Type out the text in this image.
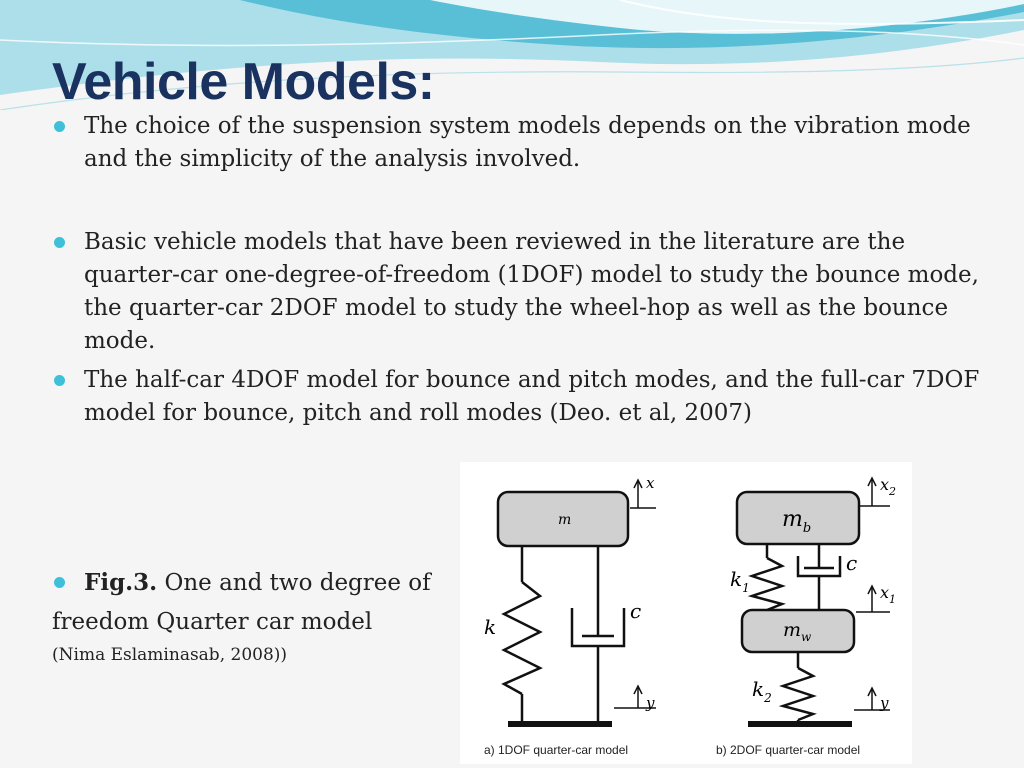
Vehicle Models:
The choice of the suspension system models depends on the vibration mode and the simplicity of the analysis involved.
Basic vehicle models that have been reviewed in the literature are the quarter-car one-degree-of-freedom (1DOF) model to study the bounce mode, the quarter-car 2DOF model to study the wheel-hop as well as the bounce mode.
The half-car 4DOF model for bounce and pitch modes, and the full-car 7DOF model for bounce, pitch and roll modes (Deo. et al, 2007)
Fig.3. One and two degree of
freedom Quarter car model
(Nima Eslaminasab, 2008))
m
k
c
x
y
a) 1DOF quarter-car model
$m_b$
$m_w$
$k_1$
$k_2$
c
$x_2$
$x_1$
y
b) 2DOF quarter-car model
